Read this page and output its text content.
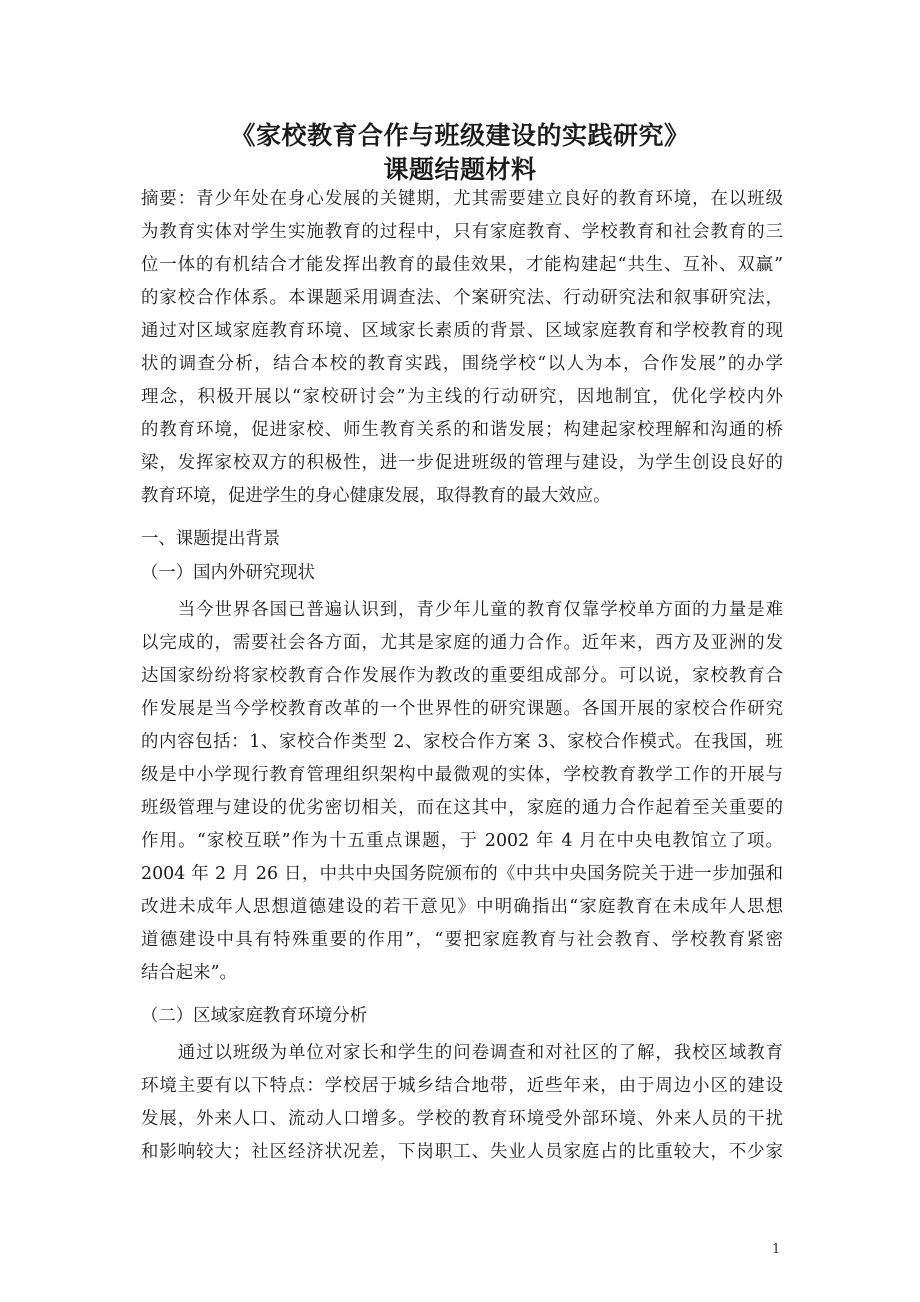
《家校教育合作与班级建设的实践研究》
课题结题材料
摘要：青少年处在身心发展的关键期，尤其需要建立良好的教育环境，在以班级
为教育实体对学生实施教育的过程中，只有家庭教育、学校教育和社会教育的三
位一体的有机结合才能发挥出教育的最佳效果，才能构建起“共生、互补、双赢”
的家校合作体系。本课题采用调查法、个案研究法、行动研究法和叙事研究法，
通过对区域家庭教育环境、区域家长素质的背景、区域家庭教育和学校教育的现
状的调查分析，结合本校的教育实践，围绕学校“以人为本，合作发展”的办学
理念，积极开展以“家校研讨会”为主线的行动研究，因地制宜，优化学校内外
的教育环境，促进家校、师生教育关系的和谐发展；构建起家校理解和沟通的桥
梁，发挥家校双方的积极性，进一步促进班级的管理与建设，为学生创设良好的
教育环境，促进学生的身心健康发展，取得教育的最大效应。
一、课题提出背景
（一）国内外研究现状
　　当今世界各国已普遍认识到，青少年儿童的教育仅靠学校单方面的力量是难
以完成的，需要社会各方面，尤其是家庭的通力合作。近年来，西方及亚洲的发
达国家纷纷将家校教育合作发展作为教改的重要组成部分。可以说，家校教育合
作发展是当今学校教育改革的一个世界性的研究课题。各国开展的家校合作研究
的内容包括：1、家校合作类型 2、家校合作方案 3、家校合作模式。在我国，班
级是中小学现行教育管理组织架构中最微观的实体，学校教育教学工作的开展与
班级管理与建设的优劣密切相关，而在这其中，家庭的通力合作起着至关重要的
作用。“家校互联”作为十五重点课题，于 2002 年 4 月在中央电教馆立了项。
2004 年 2 月 26 日，中共中央国务院颁布的《中共中央国务院关于进一步加强和
改进未成年人思想道德建设的若干意见》中明确指出“家庭教育在未成年人思想
道德建设中具有特殊重要的作用”，“要把家庭教育与社会教育、学校教育紧密
结合起来”。
（二）区域家庭教育环境分析
　　通过以班级为单位对家长和学生的问卷调查和对社区的了解，我校区域教育
环境主要有以下特点：学校居于城乡结合地带，近些年来，由于周边小区的建设
发展，外来人口、流动人口增多。学校的教育环境受外部环境、外来人员的干扰
和影响较大；社区经济状况差，下岗职工、失业人员家庭占的比重较大，不少家
1
